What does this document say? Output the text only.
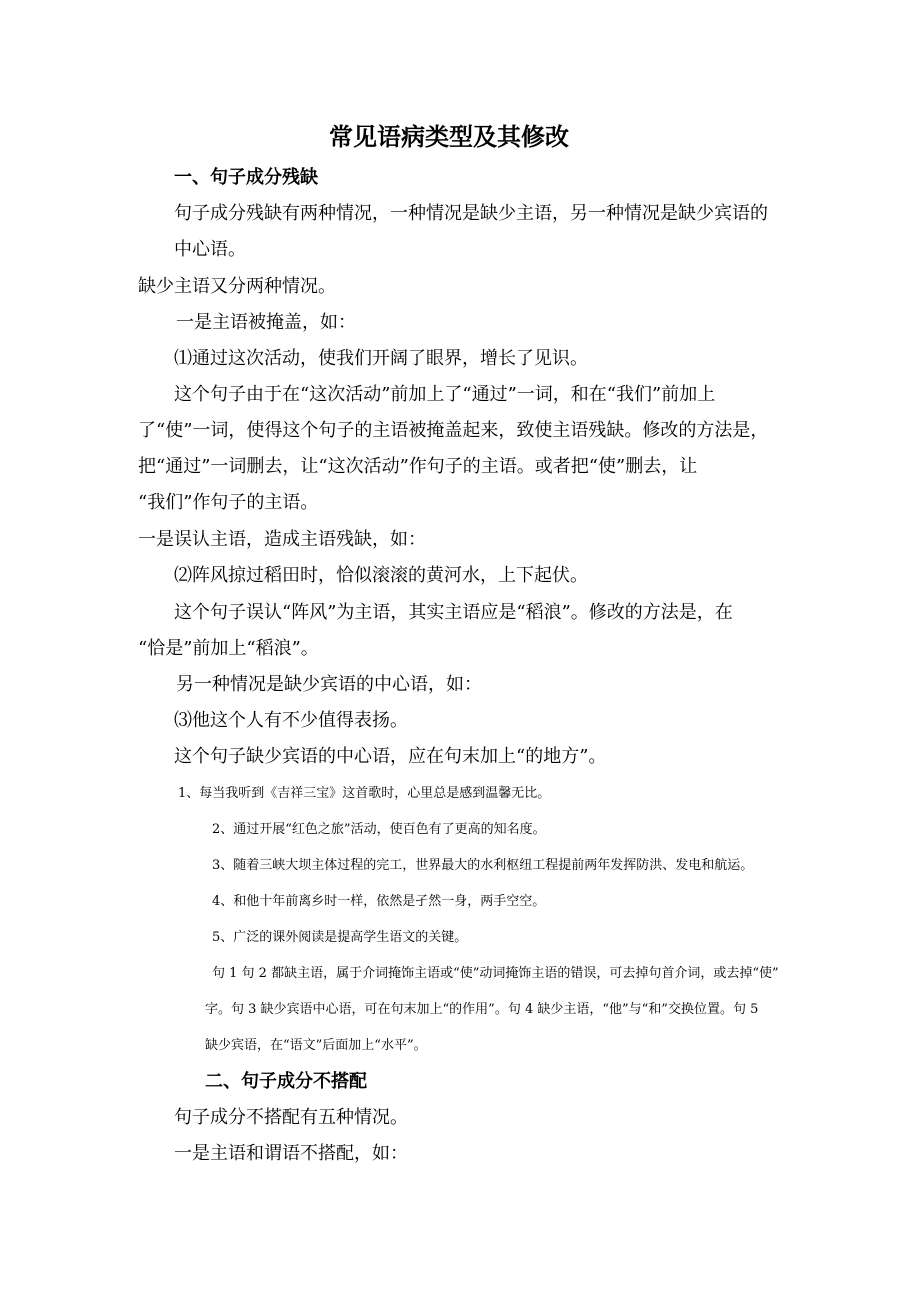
常见语病类型及其修改
一、句子成分残缺

句子成分残缺有两种情况，一种情况是缺少主语，另一种情况是缺少宾语的

中心语。

缺少主语又分两种情况。

一是主语被掩盖，如：

⑴通过这次活动，使我们开阔了眼界，增长了见识。

这个句子由于在“这次活动”前加上了“通过”一词，和在“我们”前加上

了“使”一词，使得这个句子的主语被掩盖起来，致使主语残缺。修改的方法是，

把“通过”一词删去，让“这次活动”作句子的主语。或者把“使”删去，让

“我们”作句子的主语。

一是误认主语，造成主语残缺，如：

⑵阵风掠过稻田时，恰似滚滚的黄河水，上下起伏。

这个句子误认“阵风”为主语，其实主语应是“稻浪”。修改的方法是，在

“恰是”前加上“稻浪”。

另一种情况是缺少宾语的中心语，如：

⑶他这个人有不少值得表扬。

这个句子缺少宾语的中心语，应在句末加上“的地方”。

1、每当我听到《吉祥三宝》这首歌时，心里总是感到温馨无比。

2、通过开展“红色之旅”活动，使百色有了更高的知名度。

3、随着三峡大坝主体过程的完工，世界最大的水利枢纽工程提前两年发挥防洪、发电和航运。

4、和他十年前离乡时一样，依然是孑然一身，两手空空。

5、广泛的课外阅读是提高学生语文的关键。

句 1 句 2 都缺主语，属于介词掩饰主语或“使”动词掩饰主语的错误，可去掉句首介词，或去掉“使”

字。句 3 缺少宾语中心语，可在句末加上“的作用”。句 4 缺少主语，“他”与“和”交换位置。句 5

缺少宾语，在“语文”后面加上“水平”。

二、句子成分不搭配

句子成分不搭配有五种情况。

一是主语和谓语不搭配，如：
